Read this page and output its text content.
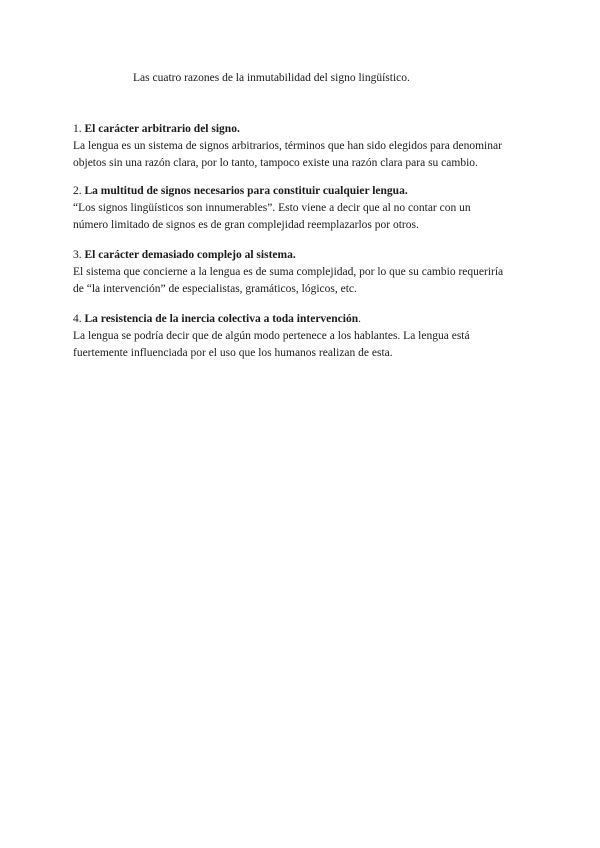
Las cuatro razones de la inmutabilidad del signo lingüístico.

1. El carácter arbitrario del signo.

La lengua es un sistema de signos arbitrarios, términos que han sido elegidos para denominar
objetos sin una razón clara, por lo tanto, tampoco existe una razón clara para su cambio.

2. La multitud de signos necesarios para constituir cualquier lengua.

“Los signos lingüísticos son innumerables”. Esto viene a decir que al no contar con un
número limitado de signos es de gran complejidad reemplazarlos por otros.

3. El carácter demasiado complejo al sistema.

El sistema que concierne a la lengua es de suma complejidad, por lo que su cambio requeriría
de “la intervención” de especialistas, gramáticos, lógicos, etc.

4. La resistencia de la inercia colectiva a toda intervención.

La lengua se podría decir que de algún modo pertenece a los hablantes. La lengua está
fuertemente influenciada por el uso que los humanos realizan de esta.
